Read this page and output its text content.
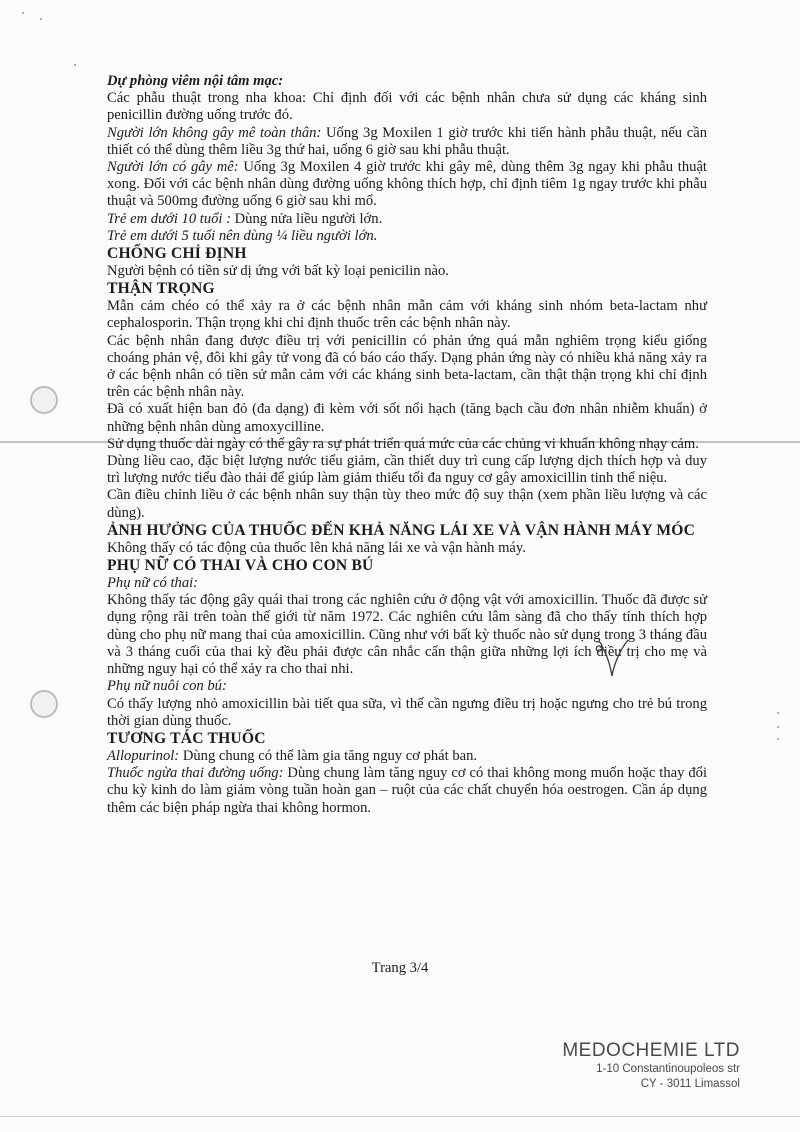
Dự phòng viêm nội tâm mạc:

Các phẫu thuật trong nha khoa: Chỉ định đối với các bệnh nhân chưa sử dụng các kháng sinh penicillin đường uống trước đó.

Người lớn không gây mê toàn thân: Uống 3g Moxilen 1 giờ trước khi tiến hành phẫu thuật, nếu cần thiết có thể dùng thêm liều 3g thứ hai, uống 6 giờ sau khi phẫu thuật.

Người lớn có gây mê: Uống 3g Moxilen 4 giờ trước khi gây mê, dùng thêm 3g ngay khi phẫu thuật xong. Đối với các bệnh nhân dùng đường uống không thích hợp, chỉ định tiêm 1g ngay trước khi phẫu thuật và 500mg đường uống 6 giờ sau khi mổ.

Trẻ em dưới 10 tuổi : Dùng nửa liều người lớn.

Trẻ em dưới 5 tuổi nên dùng ¼ liều người lớn.

CHỐNG CHỈ ĐỊNH

Người bệnh có tiền sử dị ứng với bất kỳ loại penicilin nào.

THẬN TRỌNG

Mẫn cảm chéo có thể xảy ra ở các bệnh nhân mẫn cảm với kháng sinh nhóm beta-lactam như cephalosporin. Thận trọng khi chỉ định thuốc trên các bệnh nhân này.

Các bệnh nhân đang được điều trị với penicillin có phản ứng quá mẫn nghiêm trọng kiểu giống choáng phản vệ, đôi khi gây tử vong đã có báo cáo thấy. Dạng phản ứng này có nhiều khả năng xảy ra ở các bệnh nhân có tiền sử mẫn cảm với các kháng sinh beta-lactam, cần thật thận trọng khi chỉ định trên các bệnh nhân này.

Đã có xuất hiện ban đỏ (đa dạng) đi kèm với sốt nổi hạch (tăng bạch cầu đơn nhân nhiễm khuẩn) ở những bệnh nhân dùng amoxycilline.

Sử dụng thuốc dài ngày có thể gây ra sự phát triển quá mức của các chủng vi khuẩn không nhạy cảm.

Dùng liều cao, đặc biệt lượng nước tiểu giảm, cần thiết duy trì cung cấp lượng dịch thích hợp và duy trì lượng nước tiểu đào thải để giúp làm giảm thiểu tối đa nguy cơ gây amoxicillin tinh thể niệu.

Cần điều chỉnh liều ở các bệnh nhân suy thận tùy theo mức độ suy thận (xem phần liều lượng và các dùng).

ẢNH HƯỞNG CỦA THUỐC ĐẾN KHẢ NĂNG LÁI XE VÀ VẬN HÀNH MÁY MÓC

Không thấy có tác động của thuốc lên khả năng lái xe và vận hành máy.

PHỤ NỮ CÓ THAI VÀ CHO CON BÚ

Phụ nữ có thai:

Không thấy tác động gây quái thai trong các nghiên cứu ở động vật với amoxicillin. Thuốc đã được sử dụng rộng rãi trên toàn thế giới từ năm 1972. Các nghiên cứu lâm sàng đã cho thấy tính thích hợp dùng cho phụ nữ mang thai của amoxicillin. Cũng như với bất kỳ thuốc nào sử dụng trong 3 tháng đầu và 3 tháng cuối của thai kỳ đều phải được cân nhắc cẩn thận giữa những lợi ích điều trị cho mẹ và những nguy hại có thể xảy ra cho thai nhi.

Phụ nữ nuôi con bú:

Có thấy lượng nhỏ amoxicillin bài tiết qua sữa, vì thế cần ngưng điều trị hoặc ngưng cho trẻ bú trong thời gian dùng thuốc.

TƯƠNG TÁC THUỐC

Allopurinol: Dùng chung có thể làm gia tăng nguy cơ phát ban.

Thuốc ngừa thai đường uống: Dùng chung làm tăng nguy cơ có thai không mong muốn hoặc thay đổi chu kỳ kinh do làm giảm vòng tuần hoàn gan – ruột của các chất chuyển hóa oestrogen. Cần áp dụng thêm các biện pháp ngừa thai không hormon.

Trang 3/4
MEDOCHEMIE LTD
1-10 Constantinoupoleos str
CY - 3011 Limassol
